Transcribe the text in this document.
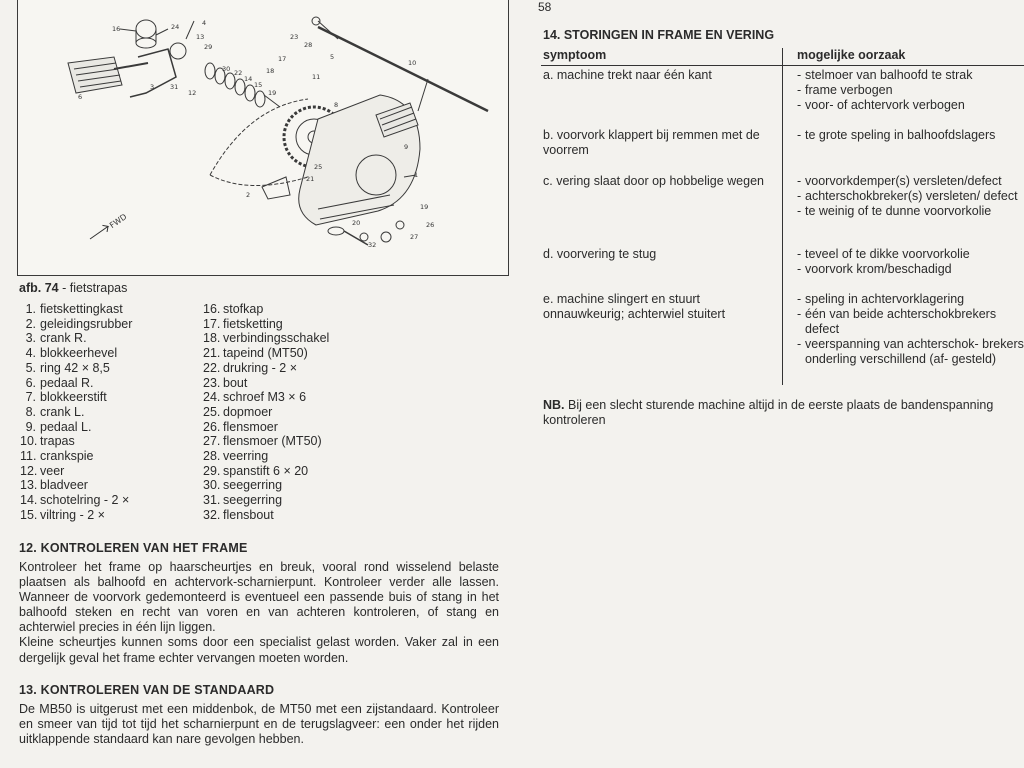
FWD
16	24	4
13
29
23
28
5
10
11
17
18
30 22
14
15
19
6
3 31
12
8
9
1
25
21
2
19
26
20
27
32
afb. 74 - fietstrapas
1. fietskettingkast
2. geleidingsrubber
3. crank R.
4. blokkeerhevel
5. ring 42 × 8,5
6. pedaal R.
7. blokkeerstift
8. crank L.
9. pedaal L.
10. trapas
11. crankspie
12. veer
13. bladveer
14. schotelring - 2 ×
15. viltring - 2 ×
16. stofkap
17. fietsketting
18. verbindingsschakel
21. tapeind (MT50)
22. drukring - 2 ×
23. bout
24. schroef M3 × 6
25. dopmoer
26. flensmoer
27. flensmoer (MT50)
28. veerring
29. spanstift 6 × 20
30. seegerring
31. seegerring
32. flensbout
12. KONTROLEREN VAN HET FRAME

Kontroleer het frame op haarscheurtjes en breuk, vooral rond wisselend belaste plaatsen als balhoofd en achtervork-scharnierpunt. Kontroleer verder alle lassen. Wanneer de voorvork gedemonteerd is eventueel een passende buis of stang in het balhoofd steken en recht van voren en van achteren kontroleren, of stang en achterwiel precies in één lijn liggen.

Kleine scheurtjes kunnen soms door een specialist gelast worden. Vaker zal in een dergelijk geval het frame echter vervangen moeten worden.

13. KONTROLEREN VAN DE STANDAARD

De MB50 is uitgerust met een middenbok, de MT50 met een zijstandaard. Kontroleer en smeer van tijd tot tijd het scharnierpunt en de terugslagveer: een onder het rijden uitklappende standaard kan nare gevolgen hebben.

58
14. STORINGEN IN FRAME EN VERING
symptoom	mogelijke oorzaak
a. machine trekt naar één kant	- stelmoer van balhoofd te strak
- frame verbogen
- voor- of achtervork verbogen
b. voorvork klappert bij remmen met de voorrem
- te grote speling in balhoofdslagers
c. vering slaat door op hobbelige wegen	- voorvorkdemper(s) versleten/defect
- achterschokbreker(s) versleten/ defect
- te weinig of te dunne voorvorkolie
d. voorvering te stug	- teveel of te dikke voorvorkolie
- voorvork krom/beschadigd
e. machine slingert en stuurt onnauwkeurig; achterwiel stuitert
- speling in achtervorklagering
- één van beide achterschokbrekers defect
- veerspanning van achterschok- brekers onderling verschillend (af- gesteld)
NB. Bij een slecht sturende machine altijd in de eerste plaats de bandenspanning kontroleren
